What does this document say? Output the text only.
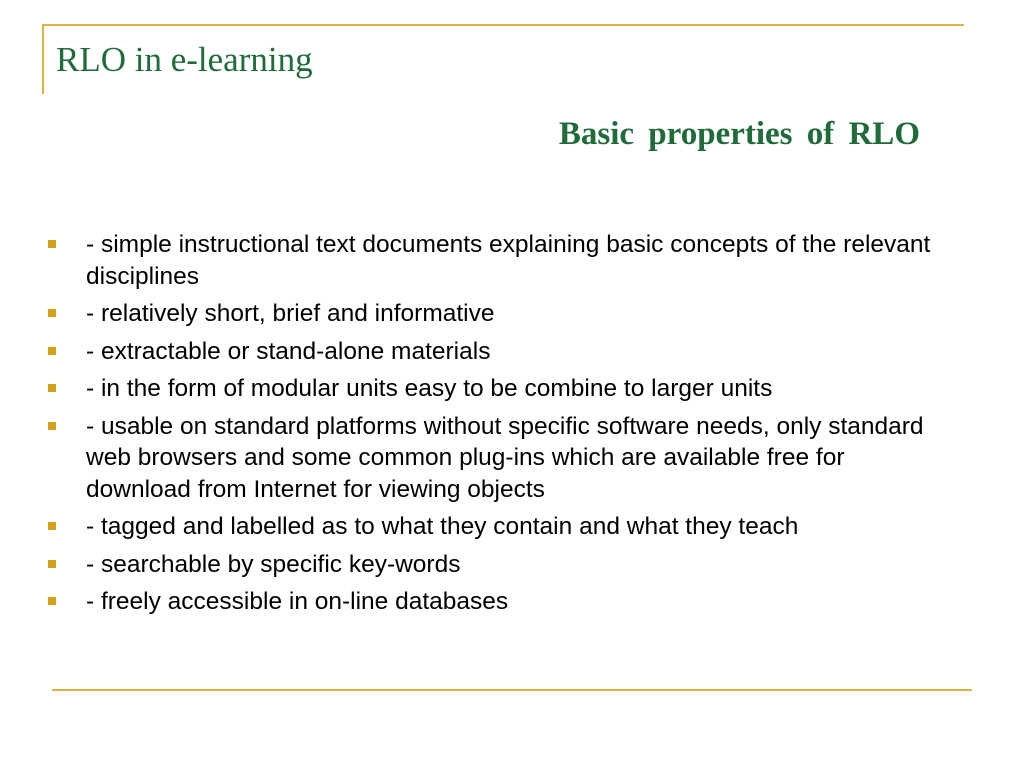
RLO in e-learning
Basic properties of RLO
- simple instructional text documents explaining basic concepts of the relevant disciplines
- relatively short, brief and informative
- extractable or stand-alone materials
- in the form of modular units easy to be combine to larger units
- usable on standard platforms without specific software needs, only standard web browsers and some common plug-ins which are available free for download from Internet for viewing objects
- tagged and labelled as to what they contain and what they teach
- searchable by specific key-words
- freely accessible in on-line databases
